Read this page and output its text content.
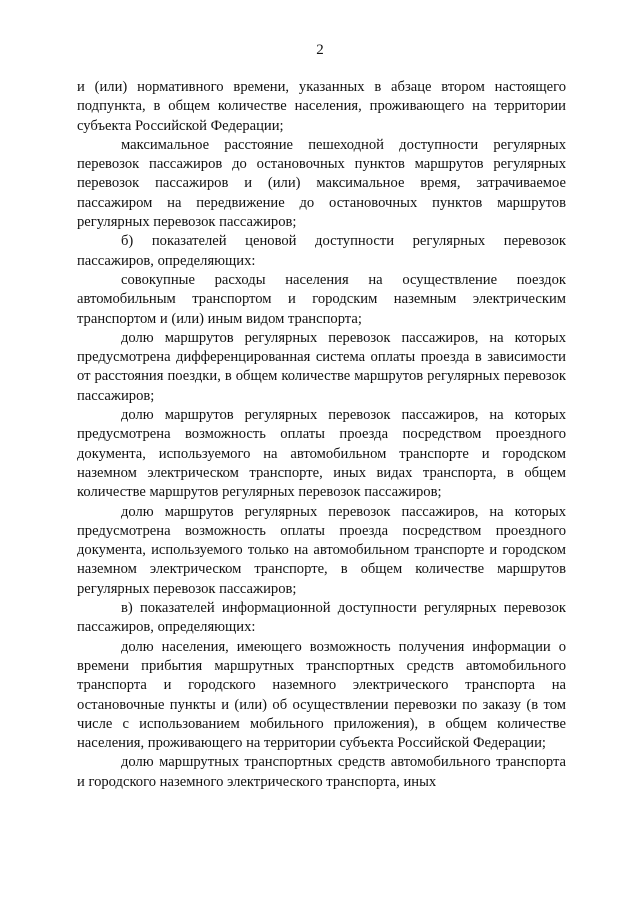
2

и (или) нормативного времени, указанных в абзаце втором настоящего подпункта, в общем количестве населения, проживающего на территории субъекта Российской Федерации;

максимальное расстояние пешеходной доступности регулярных перевозок пассажиров до остановочных пунктов маршрутов регулярных перевозок пассажиров и (или) максимальное время, затрачиваемое пассажиром на передвижение до остановочных пунктов маршрутов регулярных перевозок пассажиров;

б) показателей ценовой доступности регулярных перевозок пассажиров, определяющих:

совокупные расходы населения на осуществление поездок автомобильным транспортом и городским наземным электрическим транспортом и (или) иным видом транспорта;

долю маршрутов регулярных перевозок пассажиров, на которых предусмотрена дифференцированная система оплаты проезда в зависимости от расстояния поездки, в общем количестве маршрутов регулярных перевозок пассажиров;

долю маршрутов регулярных перевозок пассажиров, на которых предусмотрена возможность оплаты проезда посредством проездного документа, используемого на автомобильном транспорте и городском наземном электрическом транспорте, иных видах транспорта, в общем количестве маршрутов регулярных перевозок пассажиров;

долю маршрутов регулярных перевозок пассажиров, на которых предусмотрена возможность оплаты проезда посредством проездного документа, используемого только на автомобильном транспорте и городском наземном электрическом транспорте, в общем количестве маршрутов регулярных перевозок пассажиров;

в) показателей информационной доступности регулярных перевозок пассажиров, определяющих:

долю населения, имеющего возможность получения информации о времени прибытия маршрутных транспортных средств автомобильного транспорта и городского наземного электрического транспорта на остановочные пункты и (или) об осуществлении перевозки по заказу (в том числе с использованием мобильного приложения), в общем количестве населения, проживающего на территории субъекта Российской Федерации;

долю маршрутных транспортных средств автомобильного транспорта и городского наземного электрического транспорта, иных
